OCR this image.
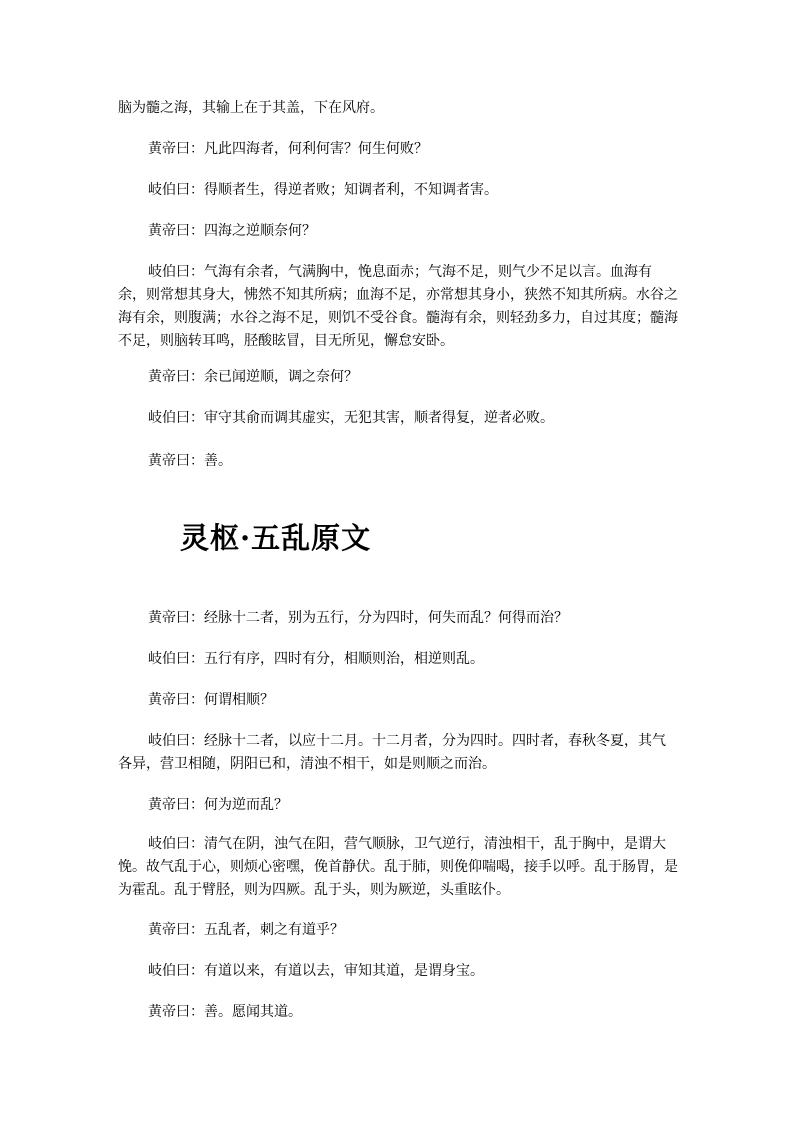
脑为髓之海，其输上在于其盖，下在风府。

黄帝曰：凡此四海者，何利何害？何生何败？

岐伯曰：得顺者生，得逆者败；知调者利，不知调者害。

黄帝曰：四海之逆顺奈何？

岐伯曰：气海有余者，气满胸中，悗息面赤；气海不足，则气少不足以言。血海有余，则常想其身大，怫然不知其所病；血海不足，亦常想其身小，狭然不知其所病。水谷之海有余，则腹满；水谷之海不足，则饥不受谷食。髓海有余，则轻劲多力，自过其度；髓海不足，则脑转耳鸣，胫酸眩冒，目无所见，懈怠安卧。

黄帝曰：余已闻逆顺，调之奈何？

岐伯曰：审守其俞而调其虚实，无犯其害，顺者得复，逆者必败。

黄帝曰：善。

灵枢·五乱原文

黄帝曰：经脉十二者，别为五行，分为四时，何失而乱？何得而治？

岐伯曰：五行有序，四时有分，相顺则治，相逆则乱。

黄帝曰：何谓相顺？

岐伯曰：经脉十二者，以应十二月。十二月者，分为四时。四时者，春秋冬夏，其气各异，营卫相随，阴阳已和，清浊不相干，如是则顺之而治。

黄帝曰：何为逆而乱？

岐伯曰：清气在阴，浊气在阳，营气顺脉，卫气逆行，清浊相干，乱于胸中，是谓大悗。故气乱于心，则烦心密嘿，俛首静伏。乱于肺，则俛仰喘喝，接手以呼。乱于肠胃，是为霍乱。乱于臂胫，则为四厥。乱于头，则为厥逆，头重眩仆。

黄帝曰：五乱者，刺之有道乎？

岐伯曰：有道以来，有道以去，审知其道，是谓身宝。

黄帝曰：善。愿闻其道。
